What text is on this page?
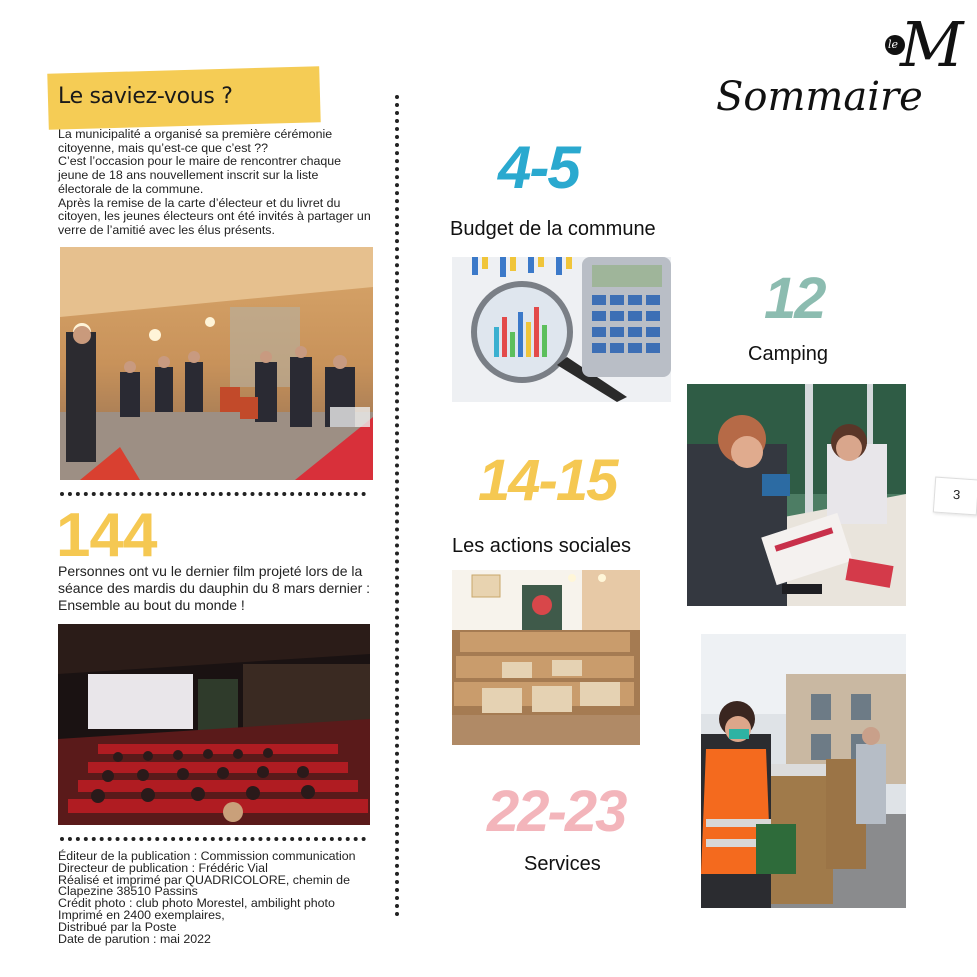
Le saviez-vous ?

La municipalité a organisé sa première cérémonie citoyenne, mais qu’est-ce que c’est ??

C’est l’occasion pour le maire de rencontrer chaque jeune de 18 ans nouvellement inscrit sur la liste électorale de la commune.

Après la remise de la carte d’électeur et du livret du citoyen, les jeunes électeurs ont été invités à partager un verre de l’amitié avec les élus présents.

144
Personnes ont vu le dernier film projeté lors de la séance des mardis du dauphin du 8 mars dernier : Ensemble au bout du monde !
Éditeur de la publication : Commission communication
Directeur de publication : Frédéric Vial
Réalisé et imprimé par QUADRICOLORE, chemin de
Clapezine 38510 Passins
Crédit photo : club photo Morestel, ambilight photo
Imprimé en 2400 exemplaires,
Distribué par la Poste
Date de parution : mai 2022
le M
Sommaire
4-5
Budget de la commune
12
Camping
14-15
Les actions sociales
22-23
Services
3
